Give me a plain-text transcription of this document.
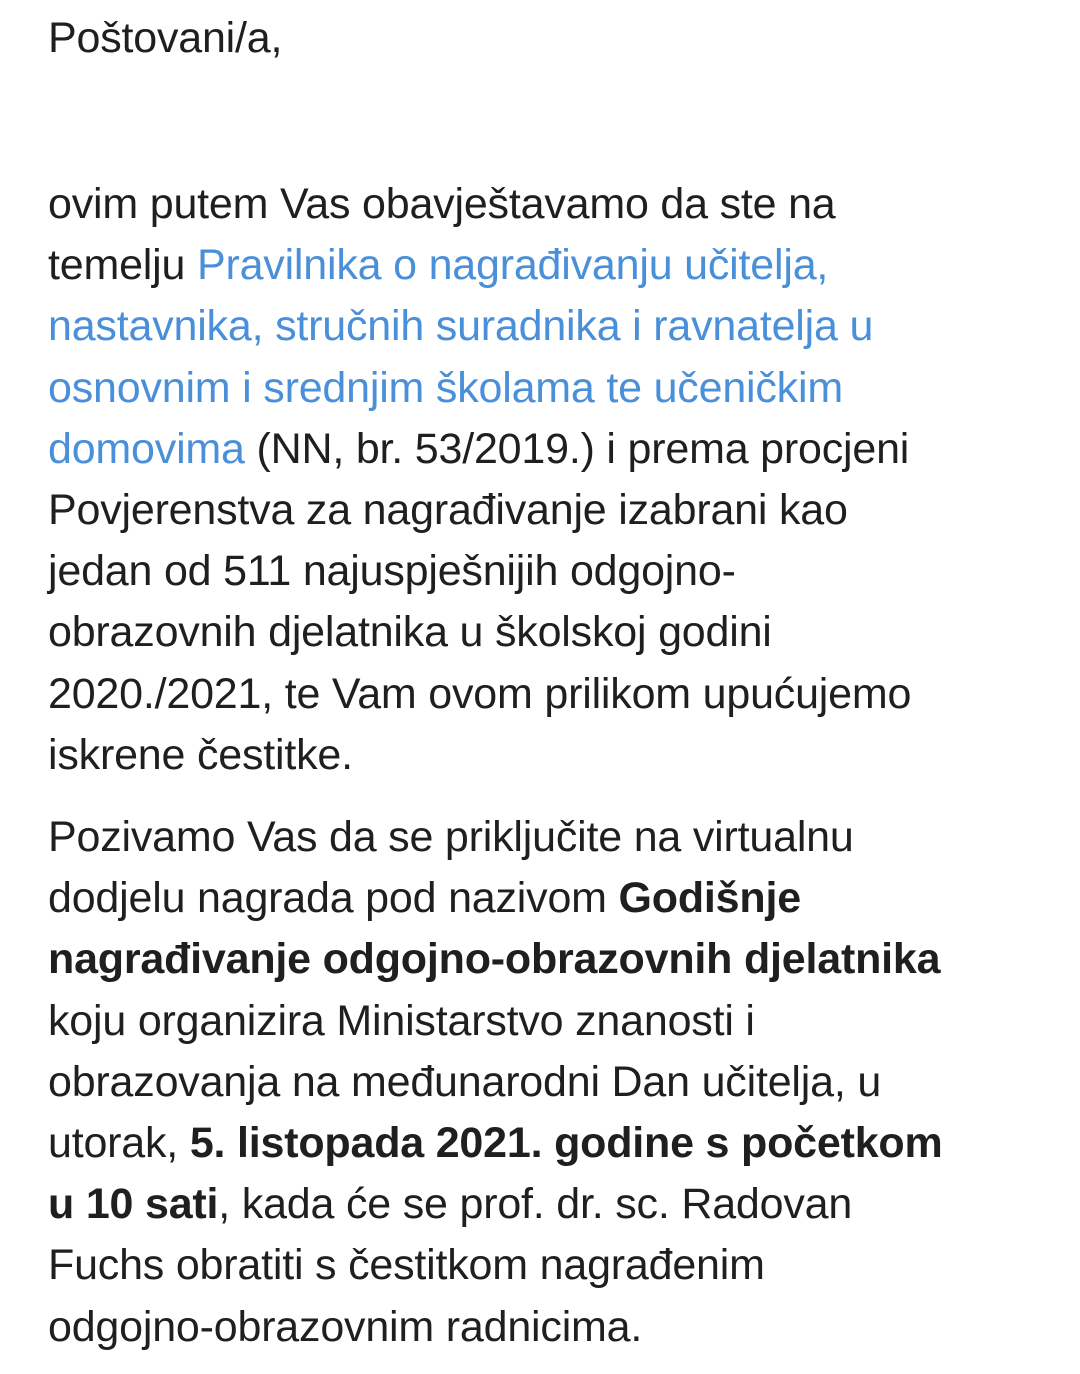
Poštovani/a,

ovim putem Vas obavještavamo da ste na
temelju Pravilnika o nagrađivanju učitelja,
nastavnika, stručnih suradnika i ravnatelja u
osnovnim i srednjim školama te učeničkim
domovima (NN, br. 53/2019.) i prema procjeni
Povjerenstva za nagrađivanje izabrani kao
jedan od 511 najuspješnijih odgojno-
obrazovnih djelatnika u školskoj godini
2020./2021, te Vam ovom prilikom upućujemo
iskrene čestitke.

Pozivamo Vas da se priključite na virtualnu
dodjelu nagrada pod nazivom Godišnje
nagrađivanje odgojno-obrazovnih djelatnika
koju organizira Ministarstvo znanosti i
obrazovanja na međunarodni Dan učitelja, u
utorak, 5. listopada 2021. godine s početkom
u 10 sati, kada će se prof. dr. sc. Radovan
Fuchs obratiti s čestitkom nagrađenim
odgojno-obrazovnim radnicima.
